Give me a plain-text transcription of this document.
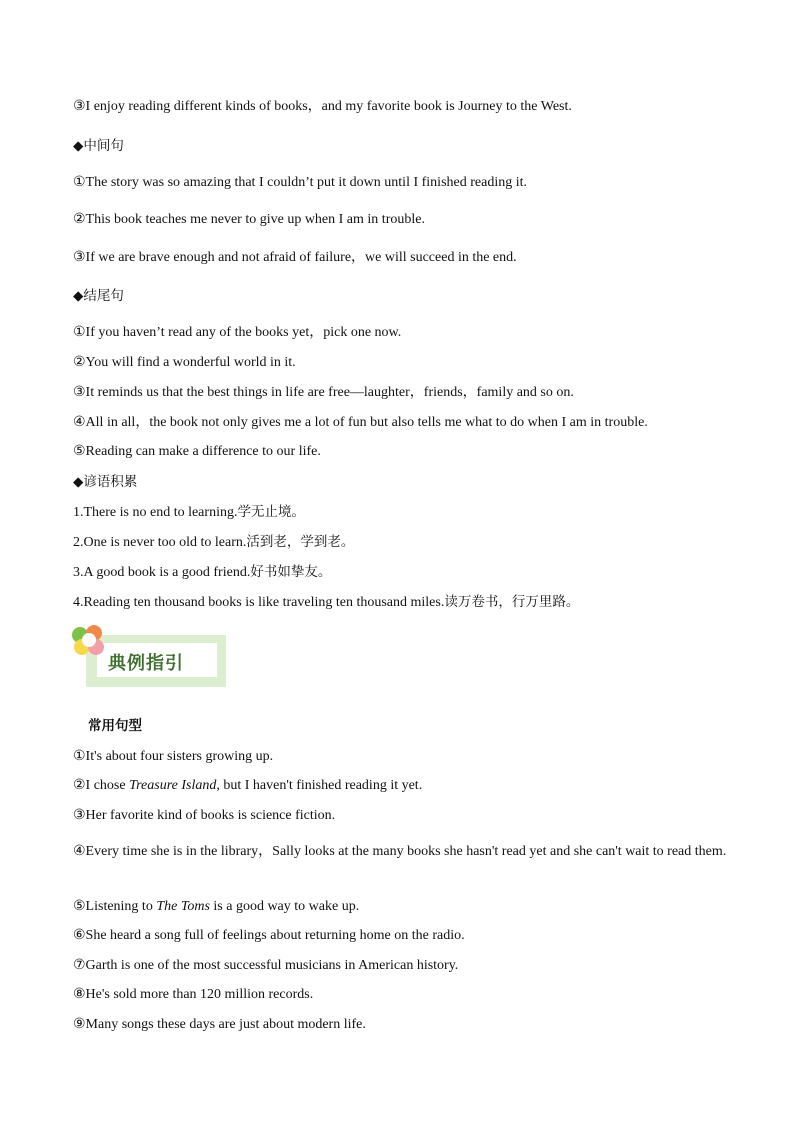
③I enjoy reading different kinds of books，and my favorite book is Journey to the West.
◆中间句
①The story was so amazing that I couldn’t put it down until I finished reading it.
②This book teaches me never to give up when I am in trouble.
③If we are brave enough and not afraid of failure，we will succeed in the end.
◆结尾句
①If you haven’t read any of the books yet，pick one now.
②You will find a wonderful world in it.
③It reminds us that the best things in life are free—laughter，friends，family and so on.
④All in all，the book not only gives me a lot of fun but also tells me what to do when I am in trouble.
⑤Reading can make a difference to our life.
◆谚语积累
1.There is no end to learning.学无止境。
2.One is never too old to learn.活到老，学到老。
3.A good book is a good friend.好书如挚友。
4.Reading ten thousand books is like traveling ten thousand miles.读万卷书，行万里路。
典例指引
常用句型
①It's about four sisters growing up.
②I chose Treasure Island, but I haven't finished reading it yet.
③Her favorite kind of books is science fiction.
④Every time she is in the library，Sally looks at the many books she hasn't read yet and she can't wait to read them.
⑤Listening to The Toms is a good way to wake up.
⑥She heard a song full of feelings about returning home on the radio.
⑦Garth is one of the most successful musicians in American history.
⑧He's sold more than 120 million records.
⑨Many songs these days are just about modern life.
